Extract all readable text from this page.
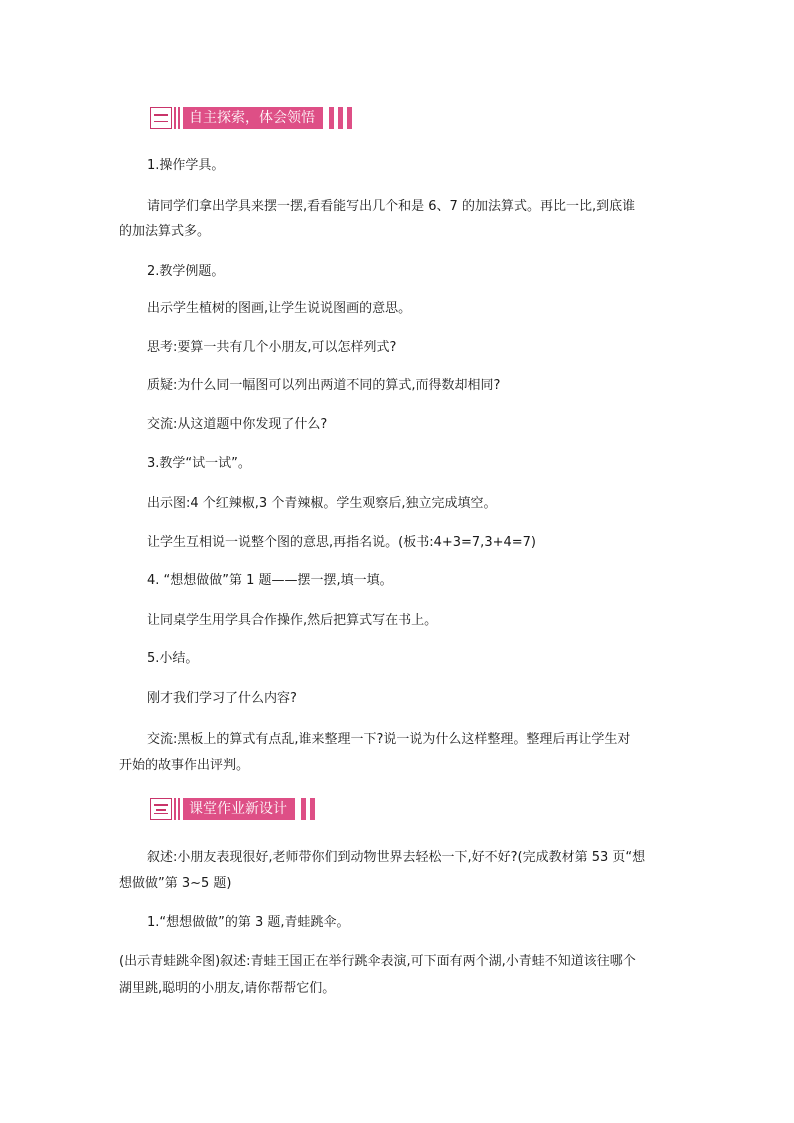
自主探索，体会领悟
1.操作学具。
请同学们拿出学具来摆一摆,看看能写出几个和是 6、7 的加法算式。再比一比,到底谁
的加法算式多。
2.教学例题。
出示学生植树的图画,让学生说说图画的意思。
思考:要算一共有几个小朋友,可以怎样列式?
质疑:为什么同一幅图可以列出两道不同的算式,而得数却相同?
交流:从这道题中你发现了什么?
3.教学“试一试”。
出示图:4 个红辣椒,3 个青辣椒。学生观察后,独立完成填空。
让学生互相说一说整个图的意思,再指名说。(板书:4+3=7,3+4=7)
4. “想想做做”第 1 题——摆一摆,填一填。
让同桌学生用学具合作操作,然后把算式写在书上。
5.小结。
刚才我们学习了什么内容?
交流:黑板上的算式有点乱,谁来整理一下?说一说为什么这样整理。整理后再让学生对
开始的故事作出评判。
课堂作业新设计
叙述:小朋友表现很好,老师带你们到动物世界去轻松一下,好不好?(完成教材第 53 页“想
想做做”第 3~5 题)
1.“想想做做”的第 3 题,青蛙跳伞。
(出示青蛙跳伞图)叙述:青蛙王国正在举行跳伞表演,可下面有两个湖,小青蛙不知道该往哪个
湖里跳,聪明的小朋友,请你帮帮它们。
